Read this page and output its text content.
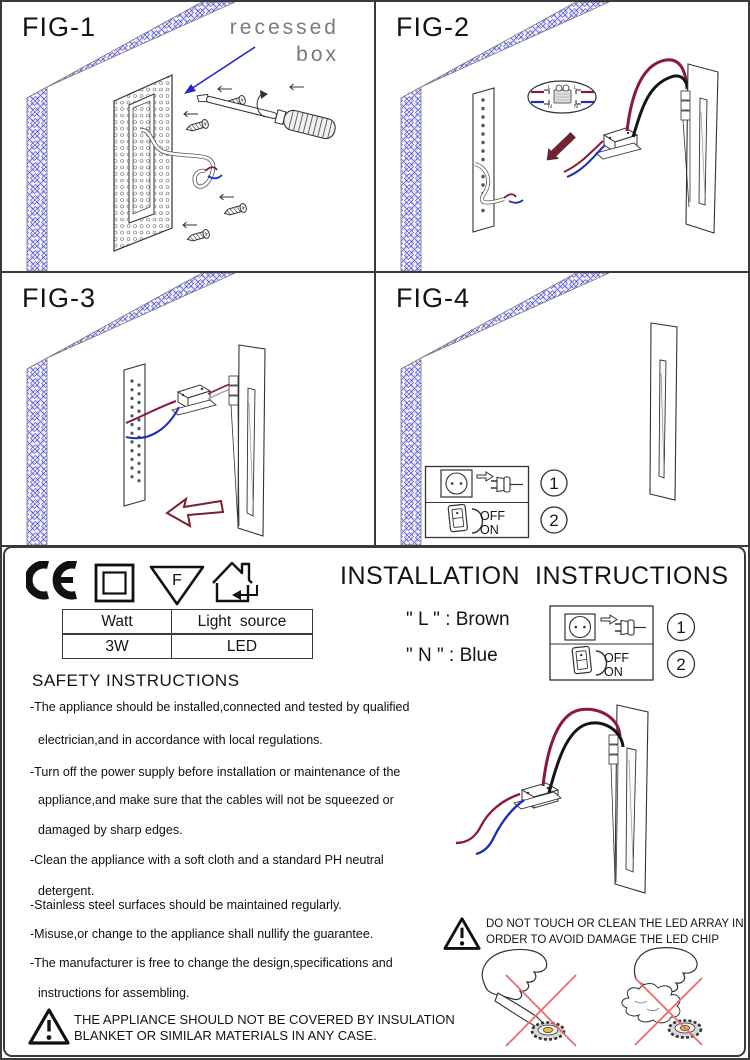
FIG-1	recessed
box
L	L
N	N
FIG-2
FIG-3
1
OFF
ON	2
FIG-4
F	INSTALLATION  INSTRUCTIONS
Watt	Light  source
3W	LED
" L " : Brown
" N " : Blue
1
OFF
ON	2
SAFETY INSTRUCTIONS
-The appliance should be installed,connected and tested by qualified
electrician,and in accordance with local regulations.
-Turn off the power supply before installation or maintenance of the
appliance,and make sure that the cables will not be squeezed or
damaged by sharp edges.
-Clean the appliance with a soft cloth and a standard PH neutral
detergent.
-Stainless steel surfaces should be maintained regularly.
-Misuse,or change to the appliance shall nullify the guarantee.
-The manufacturer is free to change the design,specifications and
instructions for assembling.
THE APPLIANCE SHOULD NOT BE COVERED BY INSULATION
BLANKET OR SIMILAR MATERIALS IN ANY CASE.
DO NOT TOUCH OR CLEAN THE LED ARRAY IN
ORDER TO AVOID DAMAGE THE LED CHIP
